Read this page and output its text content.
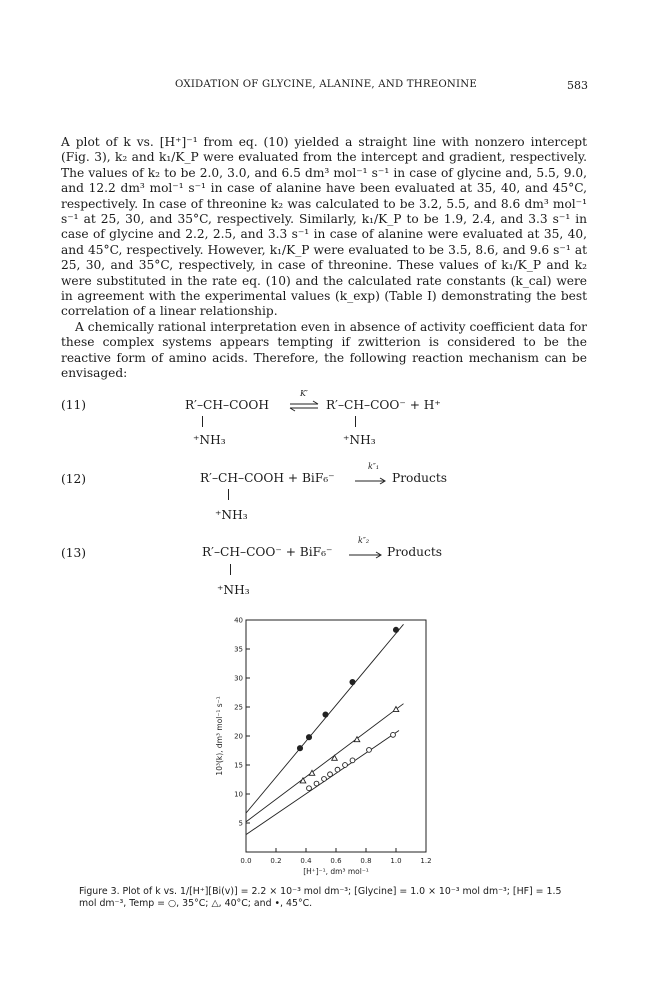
OXIDATION OF GLYCINE, ALANINE, AND THREONINE	583

A plot of k vs. [H⁺]⁻¹ from eq. (10) yielded a straight line with nonzero intercept (Fig. 3), k₂ and k₁/K_P were evaluated from the intercept and gradient, respectively. The values of k₂ to be 2.0, 3.0, and 6.5 dm³ mol⁻¹ s⁻¹ in case of glycine and, 5.5, 9.0, and 12.2 dm³ mol⁻¹ s⁻¹ in case of alanine have been evaluated at 35, 40, and 45°C, respectively. In case of threonine k₂ was calculated to be 3.2, 5.5, and 8.6 dm³ mol⁻¹ s⁻¹ at 25, 30, and 35°C, respectively. Similarly, k₁/K_P to be 1.9, 2.4, and 3.3 s⁻¹ in case of glycine and 2.2, 2.5, and 3.3 s⁻¹ in case of alanine were evaluated at 35, 40, and 45°C, respectively. However, k₁/K_P were evaluated to be 3.5, 8.6, and 9.6 s⁻¹ at 25, 30, and 35°C, respectively, in case of threonine. These values of k₁/K_P and k₂ were substituted in the rate eq. (10) and the calculated rate constants (k_cal) were in agreement with the experimental values (k_exp) (Table I) demonstrating the best correlation of a linear relationship.

A chemically rational interpretation even in absence of activity coefficient data for these complex systems appears tempting if zwitterion is considered to be the reactive form of amino acids. Therefore, the following reaction mechanism can be envisaged:

(11)	R′–CH–COOH
K′
⇌ R′–CH–COO⁻ + H⁺
⁺NH₃	⁺NH₃
(12)	R′–CH–COOH + BiF₆⁻
k″₁
→ Products
⁺NH₃
(13)	R′–CH–COO⁻ + BiF₆⁻
k″₂
→ Products
⁺NH₃
0.0	0.2	0.4	0.6	0.8	1.0	1.2
5
10
15
20
25
30
35
40
[H⁺]⁻¹, dm³ mol⁻¹
10³(k), dm³ mol⁻¹ s⁻¹
Figure 3. Plot of k vs. 1/[H⁺][Bi(v)] = 2.2 × 10⁻³ mol dm⁻³; [Glycine] = 1.0 × 10⁻³ mol dm⁻³; [HF] = 1.5 mol dm⁻³, Temp = ○, 35°C; △, 40°C; and •, 45°C.
